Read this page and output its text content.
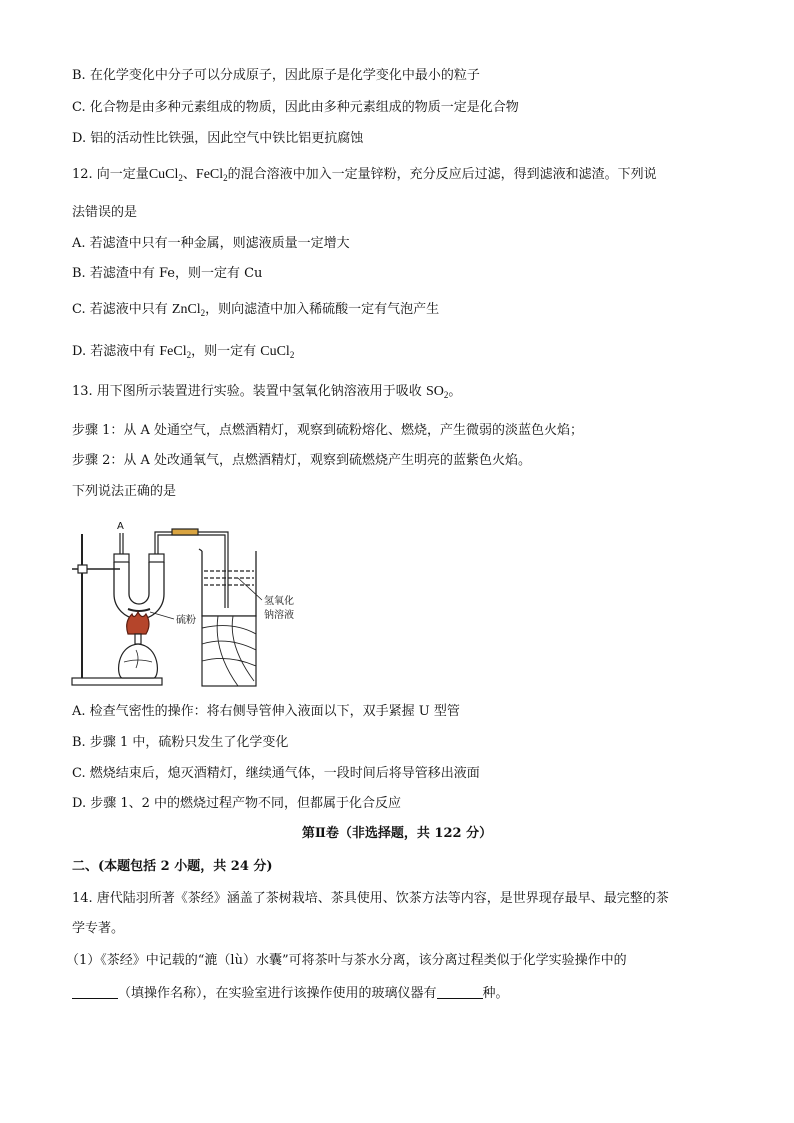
B. 在化学变化中分子可以分成原子，因此原子是化学变化中最小的粒子
C. 化合物是由多种元素组成的物质，因此由多种元素组成的物质一定是化合物
D. 铝的活动性比铁强，因此空气中铁比铝更抗腐蚀
12. 向一定量CuCl$_2$、FeCl$_2$的混合溶液中加入一定量锌粉，充分反应后过滤，得到滤液和滤渣。下列说
法错误的是
A. 若滤渣中只有一种金属，则滤液质量一定增大
B. 若滤渣中有 Fe，则一定有 Cu
C. 若滤液中只有 ZnCl$_2$，则向滤渣中加入稀硫酸一定有气泡产生
D. 若滤液中有 FeCl$_2$，则一定有 CuCl$_2$
13. 用下图所示装置进行实验。装置中氢氧化钠溶液用于吸收 $SO_2$。
步骤 1：从 A 处通空气，点燃酒精灯，观察到硫粉熔化、燃烧，产生微弱的淡蓝色火焰；
步骤 2：从 A 处改通氧气，点燃酒精灯，观察到硫燃烧产生明亮的蓝紫色火焰。
下列说法正确的是
A
硫粉
氢氧化
钠溶液
A. 检查气密性的操作：将右侧导管伸入液面以下，双手紧握 U 型管
B. 步骤 1 中，硫粉只发生了化学变化
C. 燃烧结束后，熄灭酒精灯，继续通气体，一段时间后将导管移出液面
D. 步骤 1、2 中的燃烧过程产物不同，但都属于化合反应
第Ⅱ卷（非选择题，共 122 分）
二、(本题包括 2 小题，共 24 分)
14. 唐代陆羽所著《茶经》涵盖了茶树栽培、茶具使用、饮茶方法等内容，是世界现存最早、最完整的茶
学专著。
（1）《茶经》中记载的“漉（lù）水囊”可将茶叶与茶水分离，该分离过程类似于化学实验操作中的
（填操作名称），在实验室进行该操作使用的玻璃仪器有	种。
